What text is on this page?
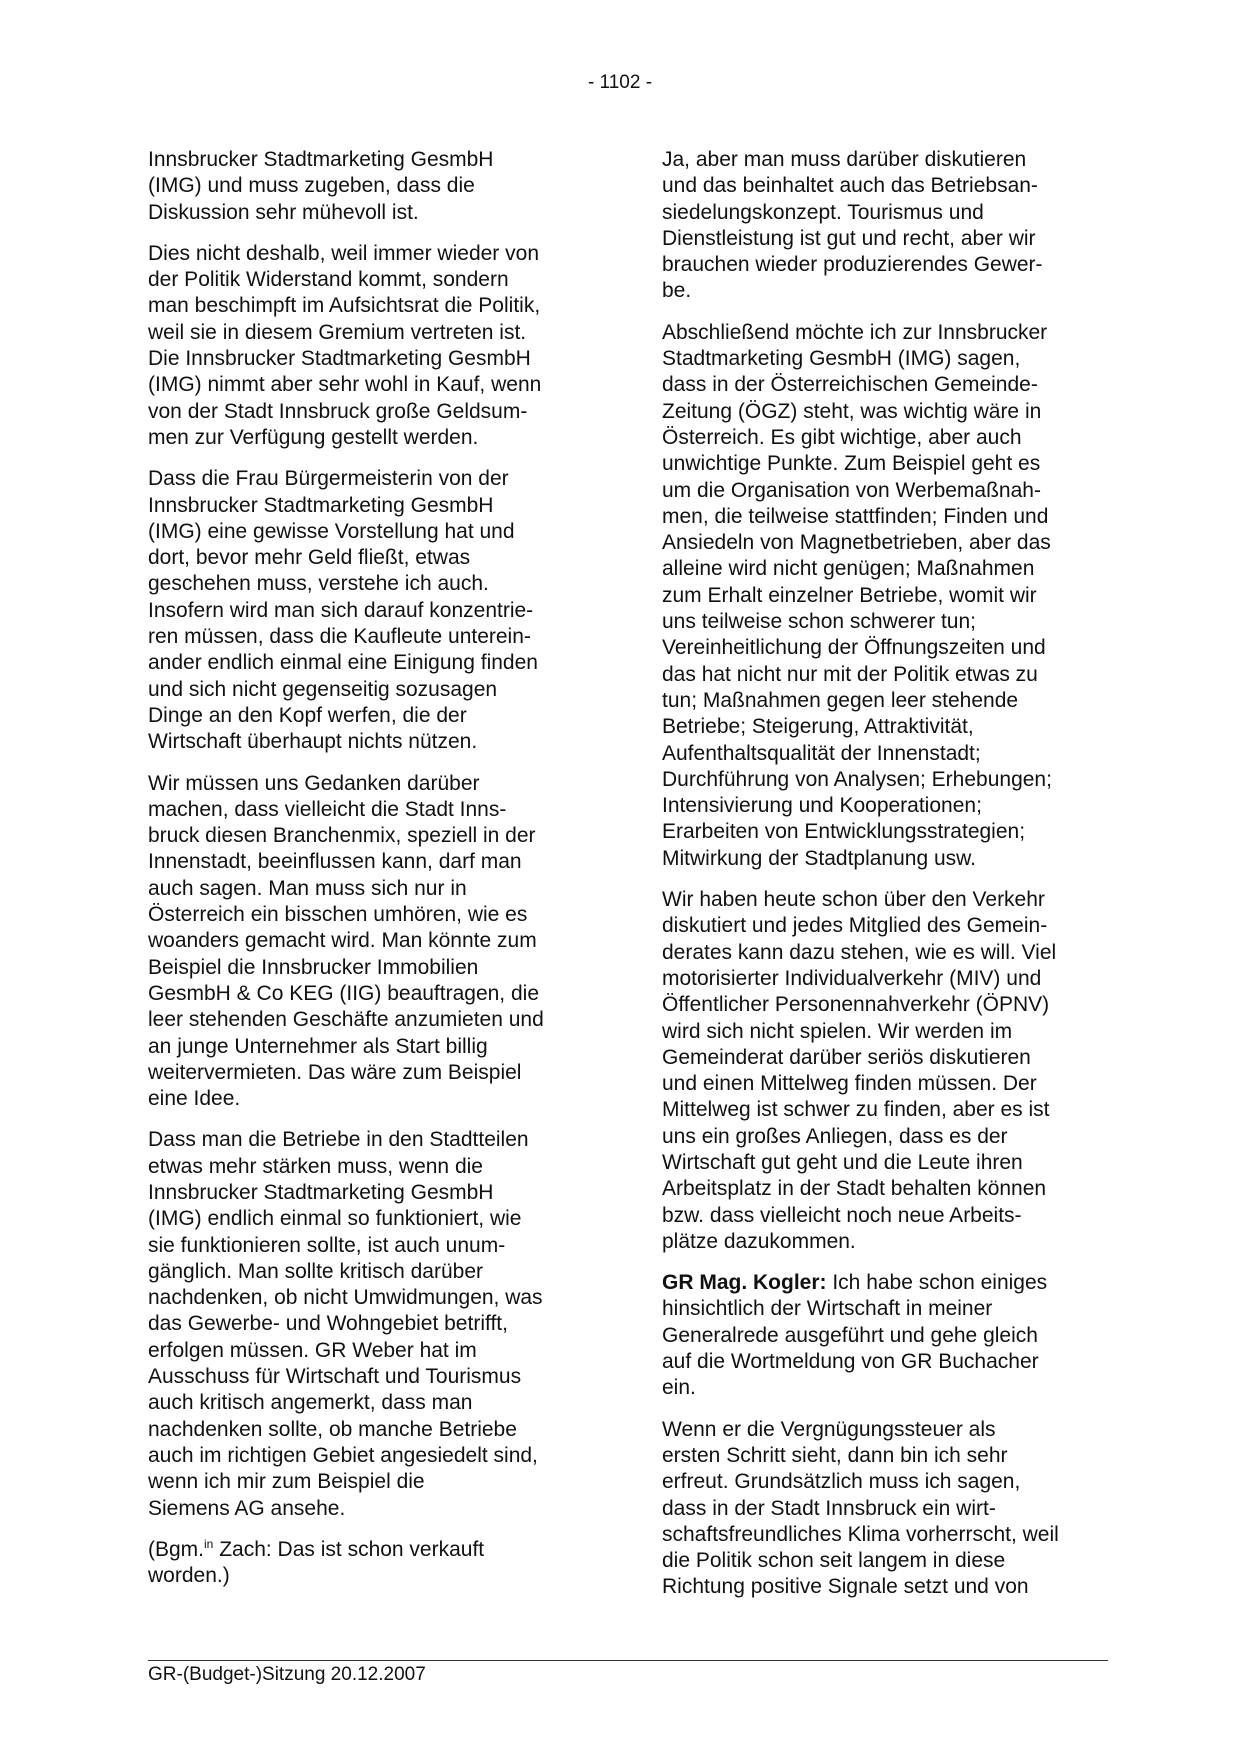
- 1102 -

Innsbrucker Stadtmarketing GesmbH
(IMG) und muss zugeben, dass die
Diskussion sehr mühevoll ist.

Dies nicht deshalb, weil immer wieder von
der Politik Widerstand kommt, sondern
man beschimpft im Aufsichtsrat die Politik,
weil sie in diesem Gremium vertreten ist.
Die Innsbrucker Stadtmarketing GesmbH
(IMG) nimmt aber sehr wohl in Kauf, wenn
von der Stadt Innsbruck große Geldsum-
men zur Verfügung gestellt werden.

Dass die Frau Bürgermeisterin von der
Innsbrucker Stadtmarketing GesmbH
(IMG) eine gewisse Vorstellung hat und
dort, bevor mehr Geld fließt, etwas
geschehen muss, verstehe ich auch.
Insofern wird man sich darauf konzentrie-
ren müssen, dass die Kaufleute unterein-
ander endlich einmal eine Einigung finden
und sich nicht gegenseitig sozusagen
Dinge an den Kopf werfen, die der
Wirtschaft überhaupt nichts nützen.

Wir müssen uns Gedanken darüber
machen, dass vielleicht die Stadt Inns-
bruck diesen Branchenmix, speziell in der
Innenstadt, beeinflussen kann, darf man
auch sagen. Man muss sich nur in
Österreich ein bisschen umhören, wie es
woanders gemacht wird. Man könnte zum
Beispiel die Innsbrucker Immobilien
GesmbH & Co KEG (IIG) beauftragen, die
leer stehenden Geschäfte anzumieten und
an junge Unternehmer als Start billig
weitervermieten. Das wäre zum Beispiel
eine Idee.

Dass man die Betriebe in den Stadtteilen
etwas mehr stärken muss, wenn die
Innsbrucker Stadtmarketing GesmbH
(IMG) endlich einmal so funktioniert, wie
sie funktionieren sollte, ist auch unum-
gänglich. Man sollte kritisch darüber
nachdenken, ob nicht Umwidmungen, was
das Gewerbe- und Wohngebiet betrifft,
erfolgen müssen. GR Weber hat im
Ausschuss für Wirtschaft und Tourismus
auch kritisch angemerkt, dass man
nachdenken sollte, ob manche Betriebe
auch im richtigen Gebiet angesiedelt sind,
wenn ich mir zum Beispiel die
Siemens AG ansehe.

(Bgm.$^{in}$ Zach: Das ist schon verkauft
worden.)

Ja, aber man muss darüber diskutieren
und das beinhaltet auch das Betriebsan-
siedelungskonzept. Tourismus und
Dienstleistung ist gut und recht, aber wir
brauchen wieder produzierendes Gewer-
be.

Abschließend möchte ich zur Innsbrucker
Stadtmarketing GesmbH (IMG) sagen,
dass in der Österreichischen Gemeinde-
Zeitung (ÖGZ) steht, was wichtig wäre in
Österreich. Es gibt wichtige, aber auch
unwichtige Punkte. Zum Beispiel geht es
um die Organisation von Werbemaßnah-
men, die teilweise stattfinden; Finden und
Ansiedeln von Magnetbetrieben, aber das
alleine wird nicht genügen; Maßnahmen
zum Erhalt einzelner Betriebe, womit wir
uns teilweise schon schwerer tun;
Vereinheitlichung der Öffnungszeiten und
das hat nicht nur mit der Politik etwas zu
tun; Maßnahmen gegen leer stehende
Betriebe; Steigerung, Attraktivität,
Aufenthaltsqualität der Innenstadt;
Durchführung von Analysen; Erhebungen;
Intensivierung und Kooperationen;
Erarbeiten von Entwicklungsstrategien;
Mitwirkung der Stadtplanung usw.

Wir haben heute schon über den Verkehr
diskutiert und jedes Mitglied des Gemein-
derates kann dazu stehen, wie es will. Viel
motorisierter Individualverkehr (MIV) und
Öffentlicher Personennahverkehr (ÖPNV)
wird sich nicht spielen. Wir werden im
Gemeinderat darüber seriös diskutieren
und einen Mittelweg finden müssen. Der
Mittelweg ist schwer zu finden, aber es ist
uns ein großes Anliegen, dass es der
Wirtschaft gut geht und die Leute ihren
Arbeitsplatz in der Stadt behalten können
bzw. dass vielleicht noch neue Arbeits-
plätze dazukommen.

GR Mag. Kogler: Ich habe schon einiges
hinsichtlich der Wirtschaft in meiner
Generalrede ausgeführt und gehe gleich
auf die Wortmeldung von GR Buchacher
ein.

Wenn er die Vergnügungssteuer als
ersten Schritt sieht, dann bin ich sehr
erfreut. Grundsätzlich muss ich sagen,
dass in der Stadt Innsbruck ein wirt-
schaftsfreundliches Klima vorherrscht, weil
die Politik schon seit langem in diese
Richtung positive Signale setzt und von

GR-(Budget-)Sitzung 20.12.2007
